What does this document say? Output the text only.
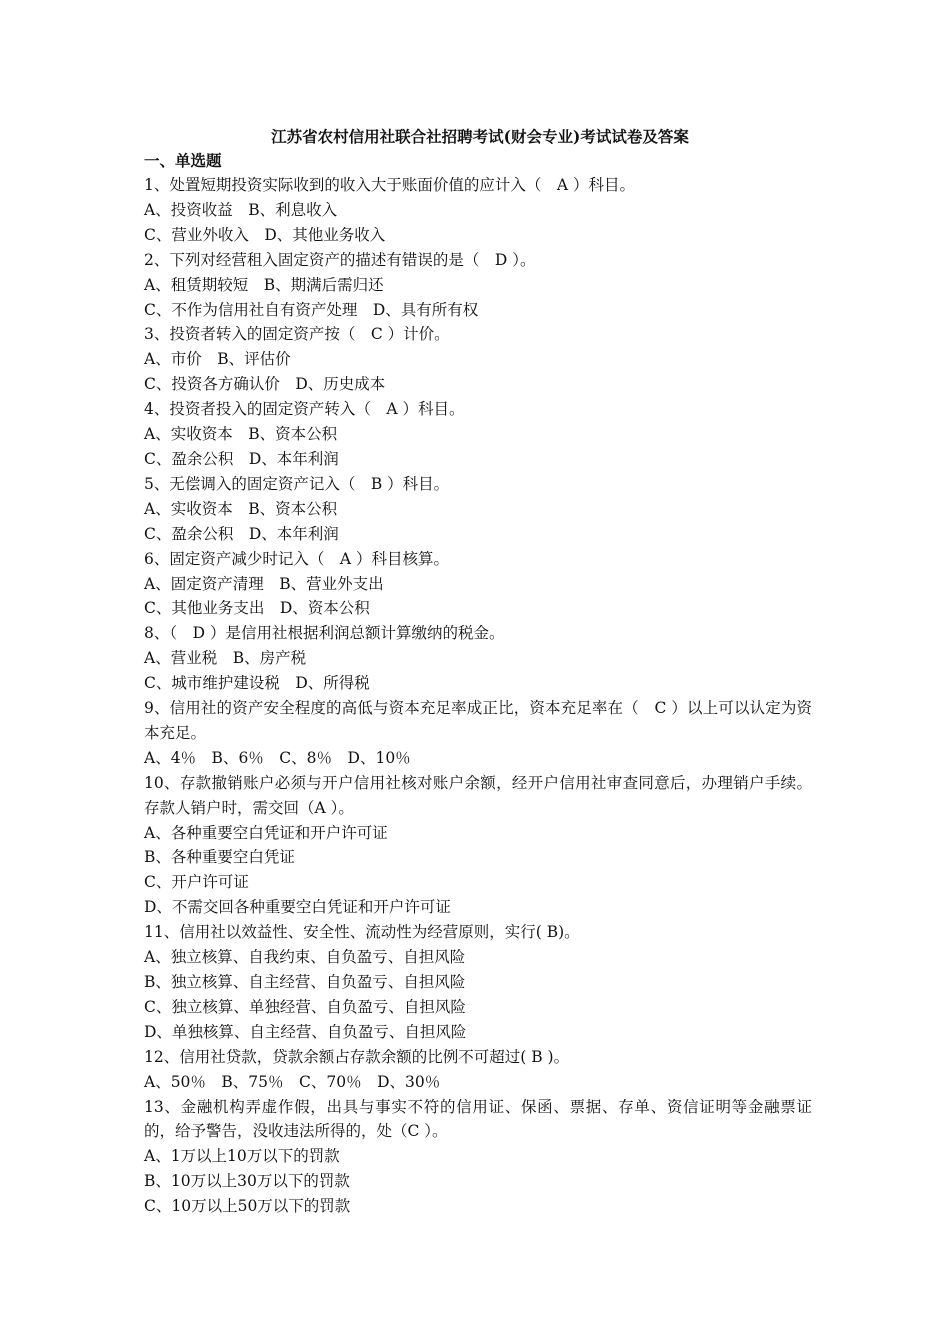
江苏省农村信用社联合社招聘考试(财会专业)考试试卷及答案
一、单选题

1、处置短期投资实际收到的收入大于账面价值的应计入（　A ）科目。

A、投资收益　B、利息收入

C、营业外收入　D、其他业务收入

2、下列对经营租入固定资产的描述有错误的是（　D ）。

A、租赁期较短　B、期满后需归还

C、不作为信用社自有资产处理　D、具有所有权

3、投资者转入的固定资产按（　C ）计价。

A、市价　B、评估价

C、投资各方确认价　D、历史成本

4、投资者投入的固定资产转入（　A ）科目。

A、实收资本　B、资本公积

C、盈余公积　D、本年利润

5、无偿调入的固定资产记入（　B ）科目。

A、实收资本　B、资本公积

C、盈余公积　D、本年利润

6、固定资产减少时记入（　A ）科目核算。

A、固定资产清理　B、营业外支出

C、其他业务支出　D、资本公积

8、（　D ）是信用社根据利润总额计算缴纳的税金。

A、营业税　B、房产税

C、城市维护建设税　D、所得税

9、信用社的资产安全程度的高低与资本充足率成正比，资本充足率在（　C ）以上可以认定为资本充足。

A、4％　B、6％　C、8％　D、10％

10、存款撤销账户必须与开户信用社核对账户余额，经开户信用社审查同意后，办理销户手续。存款人销户时，需交回（A ）。

A、各种重要空白凭证和开户许可证

B、各种重要空白凭证

C、开户许可证

D、不需交回各种重要空白凭证和开户许可证

11、信用社以效益性、安全性、流动性为经营原则，实行( B)。

A、独立核算、自我约束、自负盈亏、自担风险

B、独立核算、自主经营、自负盈亏、自担风险

C、独立核算、单独经营、自负盈亏、自担风险

D、单独核算、自主经营、自负盈亏、自担风险

12、信用社贷款，贷款余额占存款余额的比例不可超过( B )。

A、50％　B、75％　C、70％　D、30％

13、金融机构弄虚作假，出具与事实不符的信用证、保函、票据、存单、资信证明等金融票证的，给予警告，没收违法所得的，处（C ）。

A、1万以上10万以下的罚款

B、10万以上30万以下的罚款

C、10万以上50万以下的罚款
